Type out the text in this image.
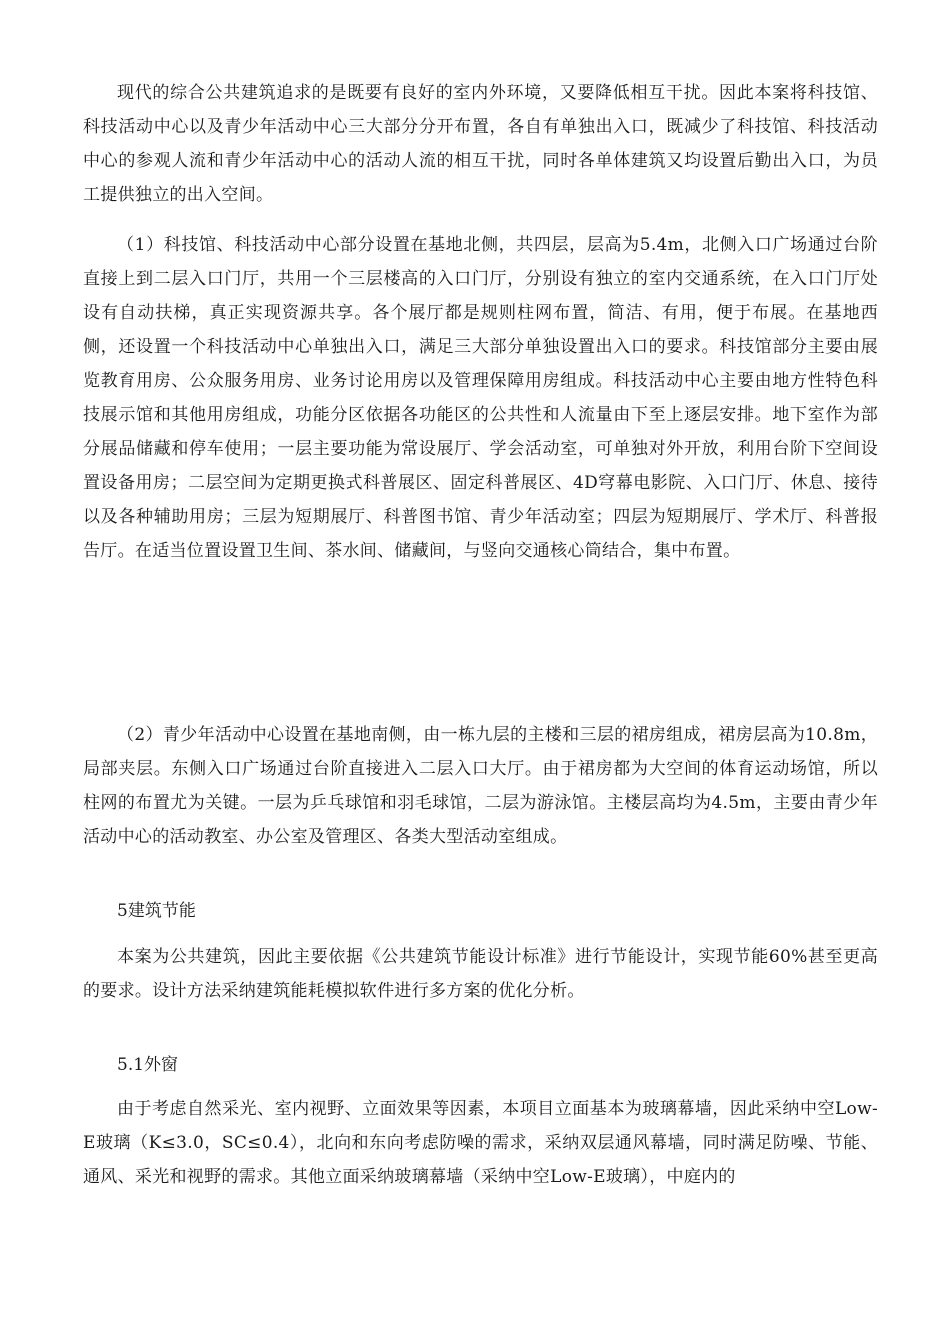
现代的综合公共建筑追求的是既要有良好的室内外环境，又要降低相互干扰。因此本案将科技馆、科技活动中心以及青少年活动中心三大部分分开布置，各自有单独出入口，既减少了科技馆、科技活动中心的参观人流和青少年活动中心的活动人流的相互干扰，同时各单体建筑又均设置后勤出入口，为员工提供独立的出入空间。

（1）科技馆、科技活动中心部分设置在基地北侧，共四层，层高为5.4m，北侧入口广场通过台阶直接上到二层入口门厅，共用一个三层楼高的入口门厅，分别设有独立的室内交通系统，在入口门厅处设有自动扶梯，真正实现资源共享。各个展厅都是规则柱网布置，简洁、有用，便于布展。在基地西侧，还设置一个科技活动中心单独出入口，满足三大部分单独设置出入口的要求。科技馆部分主要由展览教育用房、公众服务用房、业务讨论用房以及管理保障用房组成。科技活动中心主要由地方性特色科技展示馆和其他用房组成，功能分区依据各功能区的公共性和人流量由下至上逐层安排。地下室作为部分展品储藏和停车使用；一层主要功能为常设展厅、学会活动室，可单独对外开放，利用台阶下空间设置设备用房；二层空间为定期更换式科普展区、固定科普展区、4D穹幕电影院、入口门厅、休息、接待以及各种辅助用房；三层为短期展厅、科普图书馆、青少年活动室；四层为短期展厅、学术厅、科普报告厅。在适当位置设置卫生间、茶水间、储藏间，与竖向交通核心筒结合，集中布置。

（2）青少年活动中心设置在基地南侧，由一栋九层的主楼和三层的裙房组成，裙房层高为10.8m，局部夹层。东侧入口广场通过台阶直接进入二层入口大厅。由于裙房都为大空间的体育运动场馆，所以柱网的布置尤为关键。一层为乒乓球馆和羽毛球馆，二层为游泳馆。主楼层高均为4.5m，主要由青少年活动中心的活动教室、办公室及管理区、各类大型活动室组成。

5建筑节能

本案为公共建筑，因此主要依据《公共建筑节能设计标准》进行节能设计，实现节能60%甚至更高的要求。设计方法采纳建筑能耗模拟软件进行多方案的优化分析。

5.1外窗

由于考虑自然采光、室内视野、立面效果等因素，本项目立面基本为玻璃幕墙，因此采纳中空Low-E玻璃（K≤3.0，SC≤0.4），北向和东向考虑防噪的需求，采纳双层通风幕墙，同时满足防噪、节能、通风、采光和视野的需求。其他立面采纳玻璃幕墙（采纳中空Low-E玻璃），中庭内的
